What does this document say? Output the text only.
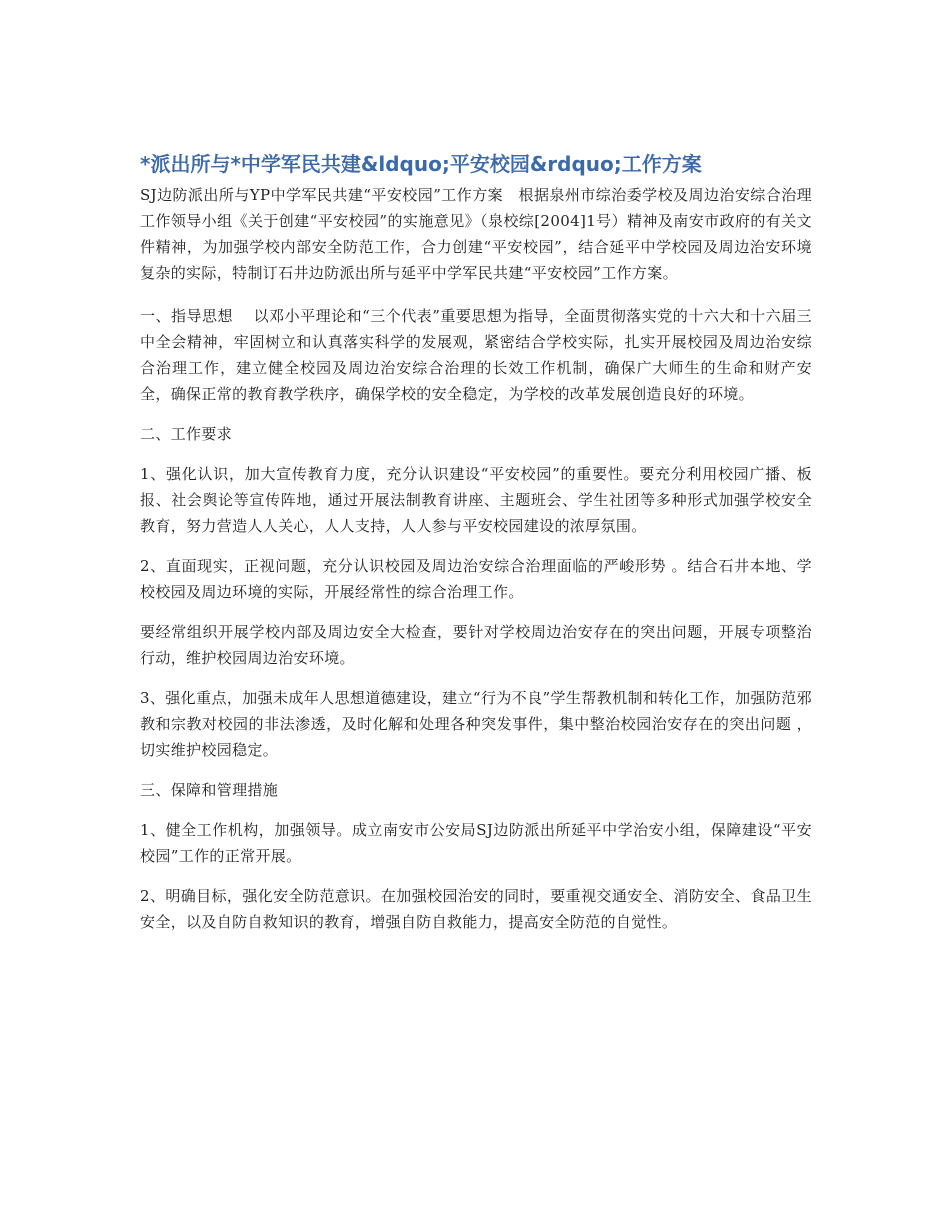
*派出所与*中学军民共建&ldquo;平安校园&rdquo;工作方案

SJ边防派出所与YP中学军民共建“平安校园”工作方案　根据泉州市综治委学校及周边治安综合治理工作领导小组《关于创建“平安校园”的实施意见》（泉校综[2004]1号）精神及南安市政府的有关文件精神，为加强学校内部安全防范工作，合力创建“平安校园”，结合延平中学校园及周边治安环境复杂的实际，特制订石井边防派出所与延平中学军民共建“平安校园”工作方案。

一、指导思想　 以邓小平理论和“三个代表”重要思想为指导，全面贯彻落实党的十六大和十六届三中全会精神，牢固树立和认真落实科学的发展观，紧密结合学校实际，扎实开展校园及周边治安综合治理工作，建立健全校园及周边治安综合治理的长效工作机制，确保广大师生的生命和财产安全，确保正常的教育教学秩序，确保学校的安全稳定，为学校的改革发展创造良好的环境。

二、工作要求

1、强化认识，加大宣传教育力度，充分认识建设“平安校园”的重要性。要充分利用校园广播、板报、社会舆论等宣传阵地，通过开展法制教育讲座、主题班会、学生社团等多种形式加强学校安全教育，努力营造人人关心，人人支持，人人参与平安校园建设的浓厚氛围。

2、直面现实，正视问题，充分认识校园及周边治安综合治理面临的严峻形势 。结合石井本地、学校校园及周边环境的实际，开展经常性的综合治理工作。

要经常组织开展学校内部及周边安全大检查，要针对学校周边治安存在的突出问题，开展专项整治行动，维护校园周边治安环境。

3、强化重点，加强未成年人思想道德建设，建立“行为不良”学生帮教机制和转化工作，加强防范邪教和宗教对校园的非法渗透，及时化解和处理各种突发事件，集中整治校园治安存在的突出问题 ，切实维护校园稳定。

三、保障和管理措施

1、健全工作机构，加强领导。成立南安市公安局SJ边防派出所延平中学治安小组，保障建设“平安校园”工作的正常开展。

2、明确目标，强化安全防范意识。在加强校园治安的同时，要重视交通安全、消防安全、食品卫生安全，以及自防自救知识的教育，增强自防自救能力，提高安全防范的自觉性。
